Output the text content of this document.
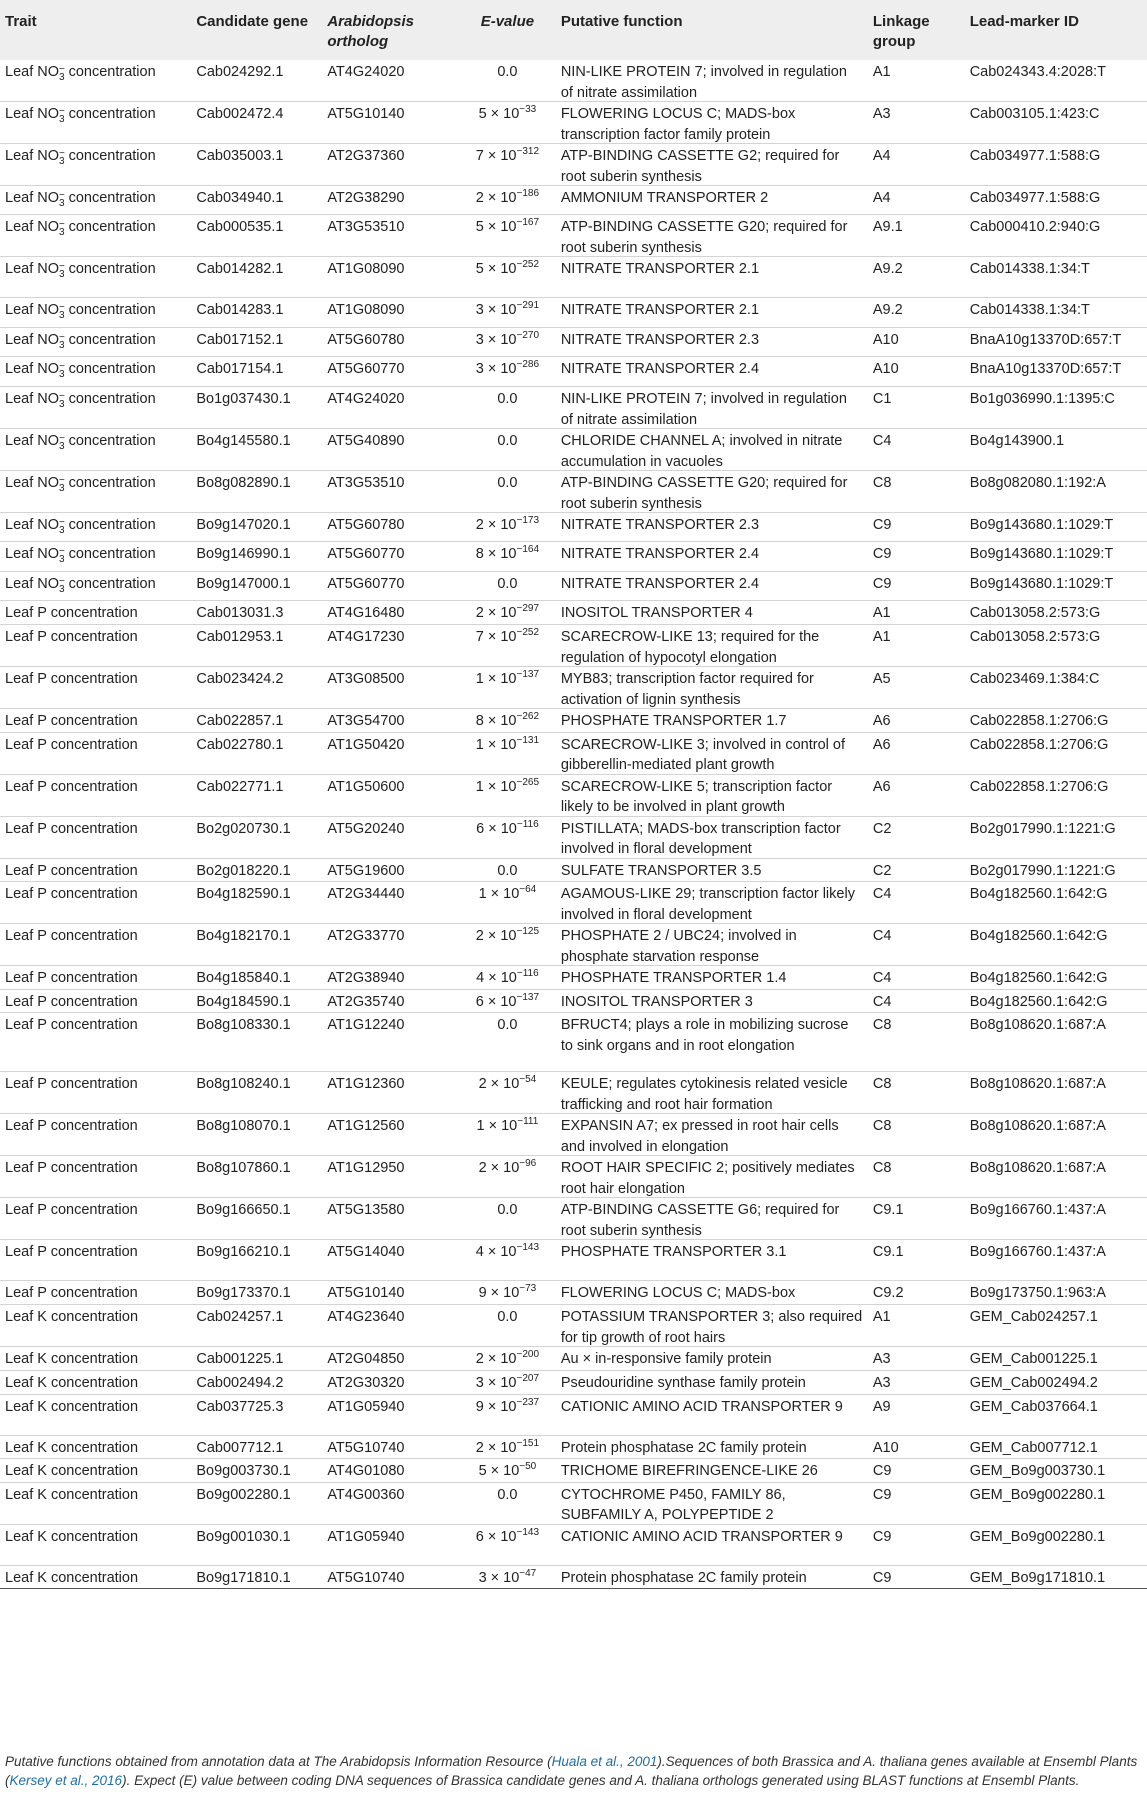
Trait	Candidate gene	Arabidopsis ortholog	E-value	Putative function	Linkage group	Lead-marker ID
Leaf $NO_{3 -}$ concentration	Cab024292.1	AT4G24020	0.0	NIN-LIKE PROTEIN 7; involved in regulation of nitrate assimilation	A1	Cab024343.4:2028:T
Leaf $NO_{3 -}$ concentration	Cab002472.4	AT5G10140	$5 \times 10^{-33}$	FLOWERING LOCUS C; MADS-box transcription factor family protein	A3	Cab003105.1:423:C
Leaf $NO_{3 -}$ concentration	Cab035003.1	AT2G37360	$7 \times 10^{-312}$	ATP-BINDING CASSETTE G2; required for root suberin synthesis	A4	Cab034977.1:588:G
Leaf $NO_{3 -}$ concentration	Cab034940.1	AT2G38290	$2 \times 10^{-186}$	AMMONIUM TRANSPORTER 2	A4	Cab034977.1:588:G
Leaf $NO_{3 -}$ concentration	Cab000535.1	AT3G53510	$5 \times 10^{-167}$	ATP-BINDING CASSETTE G20; required for root suberin synthesis	A9.1	Cab000410.2:940:G
Leaf $NO_{3 -}$ concentration	Cab014282.1	AT1G08090	$5 \times 10^{-252}$	NITRATE TRANSPORTER 2.1	A9.2	Cab014338.1:34:T
Leaf $NO_{3 -}$ concentration	Cab014283.1	AT1G08090	$3 \times 10^{-291}$	NITRATE TRANSPORTER 2.1	A9.2	Cab014338.1:34:T
Leaf $NO_{3 -}$ concentration	Cab017152.1	AT5G60780	$3 \times 10^{-270}$	NITRATE TRANSPORTER 2.3	A10	BnaA10g13370D:657:T
Leaf $NO_{3 -}$ concentration	Cab017154.1	AT5G60770	$3 \times 10^{-286}$	NITRATE TRANSPORTER 2.4	A10	BnaA10g13370D:657:T
Leaf $NO_{3 -}$ concentration	Bo1g037430.1	AT4G24020	0.0	NIN-LIKE PROTEIN 7; involved in regulation of nitrate assimilation	C1	Bo1g036990.1:1395:C
Leaf $NO_{3 -}$ concentration	Bo4g145580.1	AT5G40890	0.0	CHLORIDE CHANNEL A; involved in nitrate accumulation in vacuoles	C4	Bo4g143900.1
Leaf $NO_{3 -}$ concentration	Bo8g082890.1	AT3G53510	0.0	ATP-BINDING CASSETTE G20; required for root suberin synthesis	C8	Bo8g082080.1:192:A
Leaf $NO_{3 -}$ concentration	Bo9g147020.1	AT5G60780	$2 \times 10^{-173}$	NITRATE TRANSPORTER 2.3	C9	Bo9g143680.1:1029:T
Leaf $NO_{3 -}$ concentration	Bo9g146990.1	AT5G60770	$8 \times 10^{-164}$	NITRATE TRANSPORTER 2.4	C9	Bo9g143680.1:1029:T
Leaf $NO_{3 -}$ concentration	Bo9g147000.1	AT5G60770	0.0	NITRATE TRANSPORTER 2.4	C9	Bo9g143680.1:1029:T
Leaf P concentration	Cab013031.3	AT4G16480	$2 \times 10^{-297}$	INOSITOL TRANSPORTER 4	A1	Cab013058.2:573:G
Leaf P concentration	Cab012953.1	AT4G17230	$7 \times 10^{-252}$	SCARECROW-LIKE 13; required for the regulation of hypocotyl elongation	A1	Cab013058.2:573:G
Leaf P concentration	Cab023424.2	AT3G08500	$1 \times 10^{-137}$	MYB83; transcription factor required for activation of lignin synthesis	A5	Cab023469.1:384:C
Leaf P concentration	Cab022857.1	AT3G54700	$8 \times 10^{-262}$	PHOSPHATE TRANSPORTER 1.7	A6	Cab022858.1:2706:G
Leaf P concentration	Cab022780.1	AT1G50420	$1 \times 10^{-131}$	SCARECROW-LIKE 3; involved in control of gibberellin-mediated plant growth	A6	Cab022858.1:2706:G
Leaf P concentration	Cab022771.1	AT1G50600	$1 \times 10^{-265}$	SCARECROW-LIKE 5; transcription factor likely to be involved in plant growth	A6	Cab022858.1:2706:G
Leaf P concentration	Bo2g020730.1	AT5G20240	$6 \times 10^{-116}$	PISTILLATA; MADS-box transcription factor involved in floral development	C2	Bo2g017990.1:1221:G
Leaf P concentration	Bo2g018220.1	AT5G19600	0.0	SULFATE TRANSPORTER 3.5	C2	Bo2g017990.1:1221:G
Leaf P concentration	Bo4g182590.1	AT2G34440	$1 \times 10^{-64}$	AGAMOUS-LIKE 29; transcription factor likely involved in floral development	C4	Bo4g182560.1:642:G
Leaf P concentration	Bo4g182170.1	AT2G33770	$2 \times 10^{-125}$	PHOSPHATE 2 / UBC24; involved in phosphate starvation response	C4	Bo4g182560.1:642:G
Leaf P concentration	Bo4g185840.1	AT2G38940	$4 \times 10^{-116}$	PHOSPHATE TRANSPORTER 1.4	C4	Bo4g182560.1:642:G
Leaf P concentration	Bo4g184590.1	AT2G35740	$6 \times 10^{-137}$	INOSITOL TRANSPORTER 3	C4	Bo4g182560.1:642:G
Leaf P concentration	Bo8g108330.1	AT1G12240	0.0	BFRUCT4; plays a role in mobilizing sucrose to sink organs and in root elongation	C8	Bo8g108620.1:687:A
Leaf P concentration	Bo8g108240.1	AT1G12360	$2 \times 10^{-54}$	KEULE; regulates cytokinesis related vesicle trafficking and root hair formation	C8	Bo8g108620.1:687:A
Leaf P concentration	Bo8g108070.1	AT1G12560	$1 \times 10^{-111}$	EXPANSIN A7; ex pressed in root hair cells and involved in elongation	C8	Bo8g108620.1:687:A
Leaf P concentration	Bo8g107860.1	AT1G12950	$2 \times 10^{-96}$	ROOT HAIR SPECIFIC 2; positively mediates root hair elongation	C8	Bo8g108620.1:687:A
Leaf P concentration	Bo9g166650.1	AT5G13580	0.0	ATP-BINDING CASSETTE G6; required for root suberin synthesis	C9.1	Bo9g166760.1:437:A
Leaf P concentration	Bo9g166210.1	AT5G14040	$4 \times 10^{-143}$	PHOSPHATE TRANSPORTER 3.1	C9.1	Bo9g166760.1:437:A
Leaf P concentration	Bo9g173370.1	AT5G10140	$9 \times 10^{-73}$	FLOWERING LOCUS C; MADS-box	C9.2	Bo9g173750.1:963:A
Leaf K concentration	Cab024257.1	AT4G23640	0.0	POTASSIUM TRANSPORTER 3; also required for tip growth of root hairs	A1	GEM_Cab024257.1
Leaf K concentration	Cab001225.1	AT2G04850	$2 \times 10^{-200}$	Au × in-responsive family protein	A3	GEM_Cab001225.1
Leaf K concentration	Cab002494.2	AT2G30320	$3 \times 10^{-207}$	Pseudouridine synthase family protein	A3	GEM_Cab002494.2
Leaf K concentration	Cab037725.3	AT1G05940	$9 \times 10^{-237}$	CATIONIC AMINO ACID TRANSPORTER 9	A9	GEM_Cab037664.1
Leaf K concentration	Cab007712.1	AT5G10740	$2 \times 10^{-151}$	Protein phosphatase 2C family protein	A10	GEM_Cab007712.1
Leaf K concentration	Bo9g003730.1	AT4G01080	$5 \times 10^{-50}$	TRICHOME BIREFRINGENCE-LIKE 26	C9	GEM_Bo9g003730.1
Leaf K concentration	Bo9g002280.1	AT4G00360	0.0	CYTOCHROME P450, FAMILY 86, SUBFAMILY A, POLYPEPTIDE 2	C9	GEM_Bo9g002280.1
Leaf K concentration	Bo9g001030.1	AT1G05940	$6 \times 10^{-143}$	CATIONIC AMINO ACID TRANSPORTER 9	C9	GEM_Bo9g002280.1
Leaf K concentration	Bo9g171810.1	AT5G10740	$3 \times 10^{-47}$	Protein phosphatase 2C family protein	C9	GEM_Bo9g171810.1
Putative functions obtained from annotation data at The Arabidopsis Information Resource (Huala et al., 2001).Sequences of both Brassica and A. thaliana genes available at Ensembl Plants (Kersey et al., 2016). Expect (E) value between coding DNA sequences of Brassica candidate genes and A. thaliana orthologs generated using BLAST functions at Ensembl Plants.
